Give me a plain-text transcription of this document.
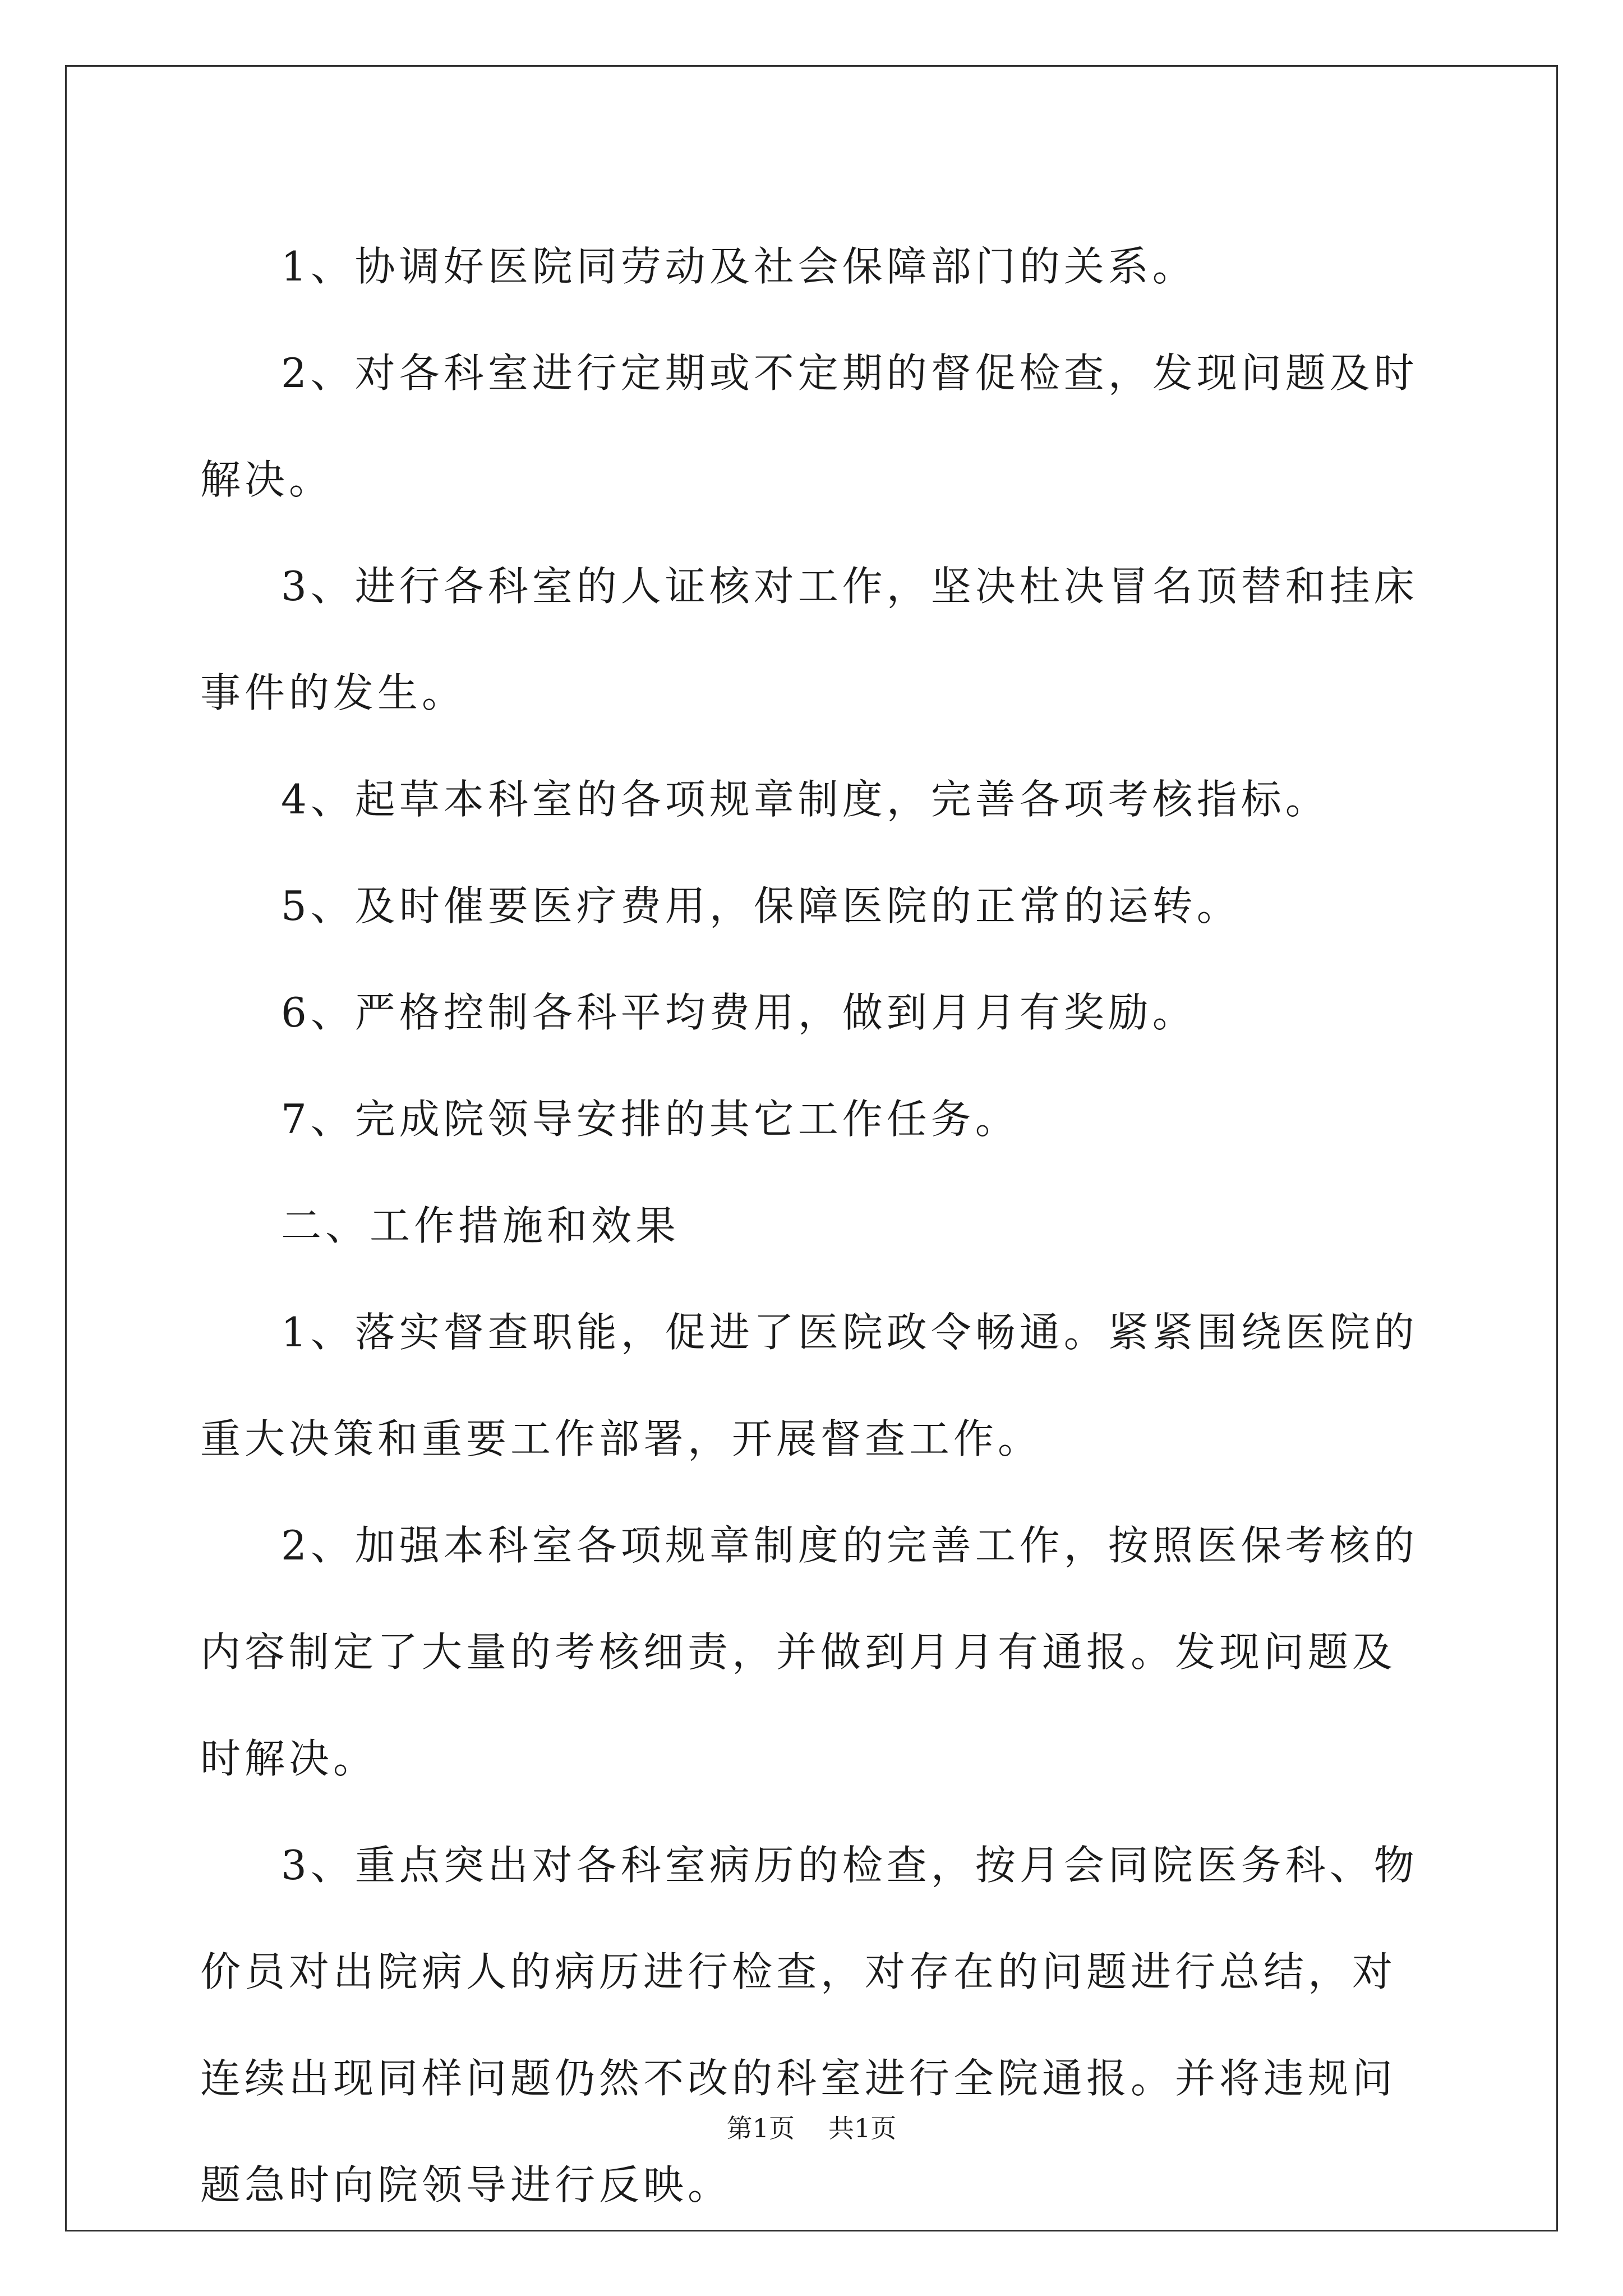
1、协调好医院同劳动及社会保障部门的关系。

2、对各科室进行定期或不定期的督促检查，发现问题及时解决。

3、进行各科室的人证核对工作，坚决杜决冒名顶替和挂床事件的发生。

4、起草本科室的各项规章制度，完善各项考核指标。

5、及时催要医疗费用，保障医院的正常的运转。

6、严格控制各科平均费用，做到月月有奖励。

7、完成院领导安排的其它工作任务。

二、工作措施和效果

1、落实督查职能，促进了医院政令畅通。紧紧围绕医院的重大决策和重要工作部署，开展督查工作。

2、加强本科室各项规章制度的完善工作，按照医保考核的内容制定了大量的考核细责，并做到月月有通报。发现问题及时解决。

3、重点突出对各科室病历的检查，按月会同院医务科、物价员对出院病人的病历进行检查，对存在的问题进行总结，对连续出现同样问题仍然不改的科室进行全院通报。并将违规问题急时向院领导进行反映。

第1页 共1页
